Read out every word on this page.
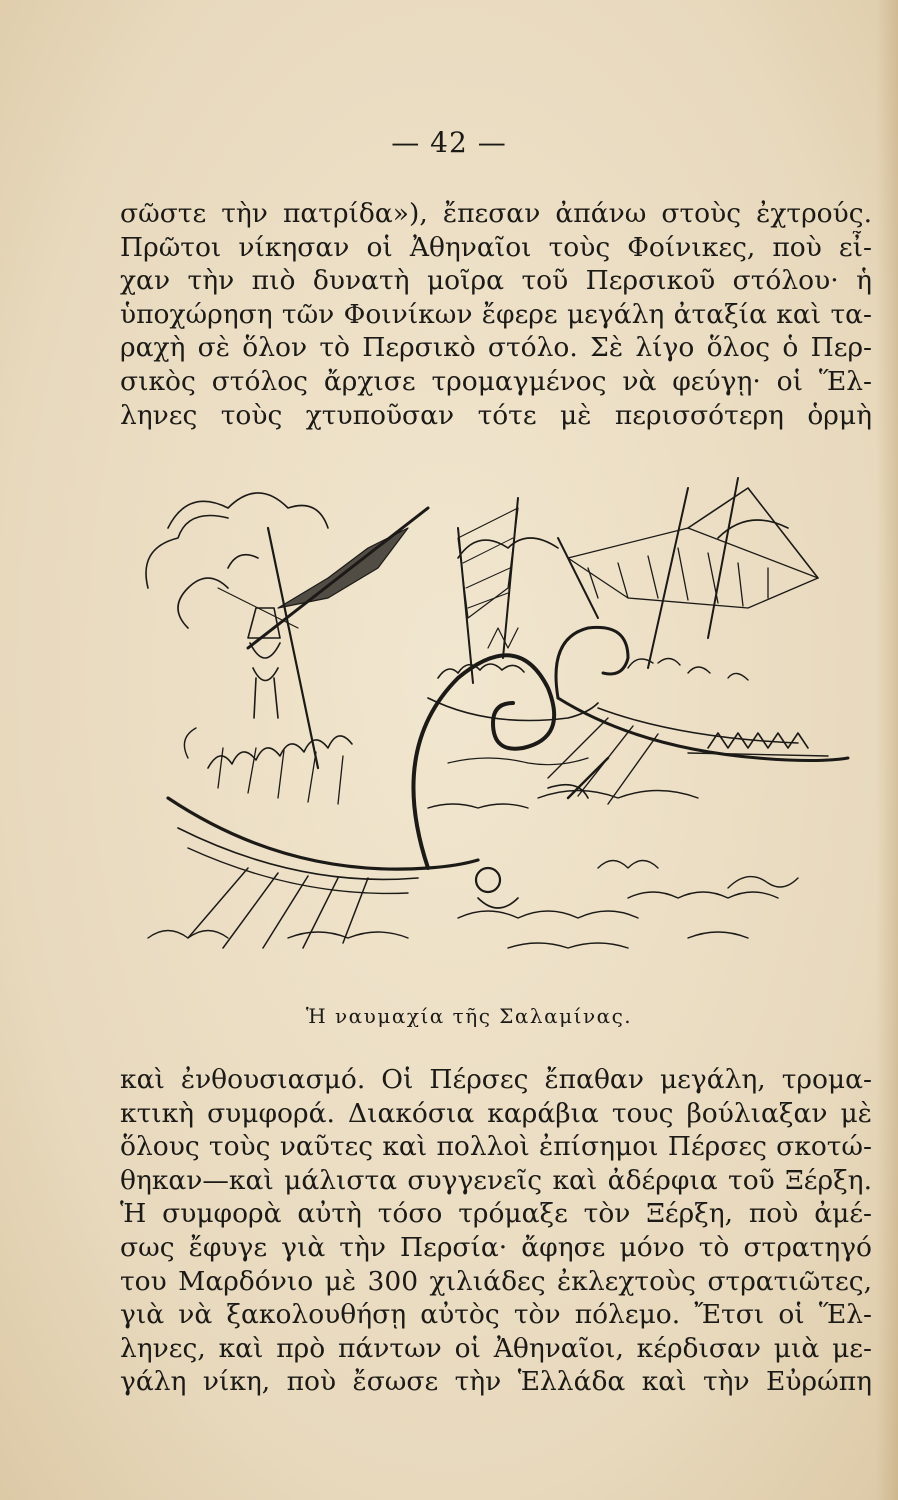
— 42 —
σῶστε τὴν πατρίδα»), ἔπεσαν ἀπάνω στοὺς ἐχτρούς.
Πρῶτοι νίκησαν οἱ Ἀθηναῖοι τοὺς Φοίνικες, ποὺ εἶ-
χαν τὴν πιὸ δυνατὴ μοῖρα τοῦ Περσικοῦ στόλου· ἡ
ὑποχώρηση τῶν Φοινίκων ἔφερε μεγάλη ἀταξία καὶ τα-
ραχὴ σὲ ὅλον τὸ Περσικὸ στόλο. Σὲ λίγο ὅλος ὁ Περ-
σικὸς στόλος ἄρχισε τρομαγμένος νὰ φεύγῃ· οἱ Ἕλ-
ληνες τοὺς χτυποῦσαν τότε μὲ περισσότερη ὁρμὴ
Ἡ ναυμαχία τῆς Σαλαμίνας.
καὶ ἐνθουσιασμό. Οἱ Πέρσες ἔπαθαν μεγάλη, τρομα-
κτικὴ συμφορά. Διακόσια καράβια τους βούλιαξαν μὲ
ὅλους τοὺς ναῦτες καὶ πολλοὶ ἐπίσημοι Πέρσες σκοτώ-
θηκαν—καὶ μάλιστα συγγενεῖς καὶ ἀδέρφια τοῦ Ξέρξη.
Ἡ συμφορὰ αὐτὴ τόσο τρόμαξε τὸν Ξέρξη, ποὺ ἀμέ-
σως ἔφυγε γιὰ τὴν Περσία· ἄφησε μόνο τὸ στρατηγό
του Μαρδόνιο μὲ 300 χιλιάδες ἐκλεχτοὺς στρατιῶτες,
γιὰ νὰ ξακολουθήσῃ αὐτὸς τὸν πόλεμο. Ἔτσι οἱ Ἕλ-
ληνες, καὶ πρὸ πάντων οἱ Ἀθηναῖοι, κέρδισαν μιὰ με-
γάλη νίκη, ποὺ ἔσωσε τὴν Ἑλλάδα καὶ τὴν Εὐρώπη
